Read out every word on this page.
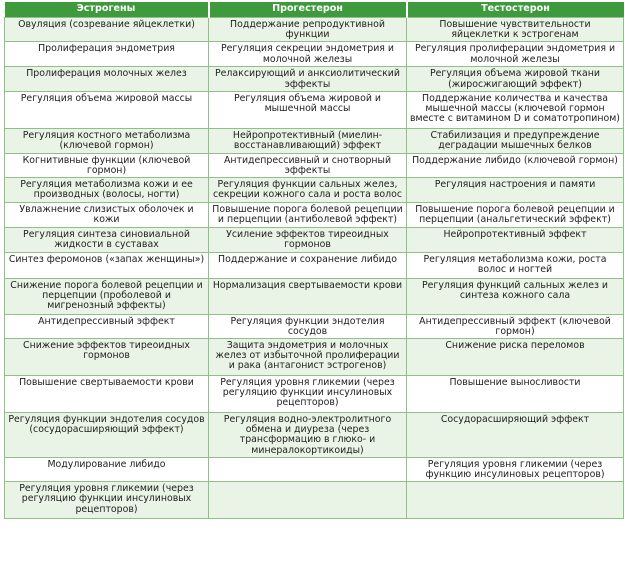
Эстрогены	Прогестерон	Тестостерон
Овуляция (созревание яйцеклетки)	Поддержание репродуктивной функции	Повышение чувствительности яйцеклетки к эстрогенам
Пролиферация эндометрия	Регуляция секреции эндометрия и молочной железы	Регуляция пролиферации эндометрия и молочной железы
Пролиферация молочных желез	Релаксирующий и анксиолитический эффекты	Регуляция объема жировой ткани (жиросжигающий эффект)
Регуляция объема жировой массы	Регуляция объема жировой и мышечной массы	Поддержание количества и качества мышечной массы (ключевой гормон вместе с витамином D и соматотропином)
Регуляция костного метаболизма (ключевой гормон)	Нейропротективный (миелин-восстанавливающий) эффект	Стабилизация и предупреждение деградации мышечных белков
Когнитивные функции (ключевой гормон)	Антидепрессивный и снотворный эффекты	Поддержание либидо (ключевой гормон)
Регуляция метаболизма кожи и ее производных (волосы, ногти)	Регуляция функции сальных желез, секреции кожного сала и роста волос	Регуляция настроения и памяти
Увлажнение слизистых оболочек и кожи	Повышение порога болевой рецепции и перцепции (антиболевой эффект)	Повышение порога болевой рецепции и перцепции (анальгетический эффект)
Регуляция синтеза синовиальной жидкости в суставах	Усиление эффектов тиреоидных гормонов	Нейропротективный эффект
Синтез феромонов («запах женщины»)	Поддержание и сохранение либидо	Регуляция метаболизма кожи, роста волос и ногтей
Снижение порога болевой рецепции и перцепции (проболевой и мигренозный эффекты)	Нормализация свертываемости крови	Регуляция функций сальных желез и синтеза кожного сала
Антидепрессивный эффект	Регуляция функции эндотелия сосудов	Антидепрессивный эффект (ключевой гормон)
Снижение эффектов тиреоидных гормонов	Защита эндометрия и молочных желез от избыточной пролиферации и рака (антагонист эстрогенов)	Снижение риска переломов
Повышение свертываемости крови	Регуляция уровня гликемии (через регуляцию функции инсулиновых рецепторов)	Повышение выносливости
Регуляция функции эндотелия сосудов (сосудорасширяющий эффект)	Регуляция водно-электролитного обмена и диуреза (через трансформацию в глюко- и минералокортикоиды)	Сосудорасширяющий эффект
Модулирование либидо		Регуляция уровня гликемии (через функцию инсулиновых рецепторов)
Регуляция уровня гликемии (через регуляцию функции инсулиновых рецепторов)		
